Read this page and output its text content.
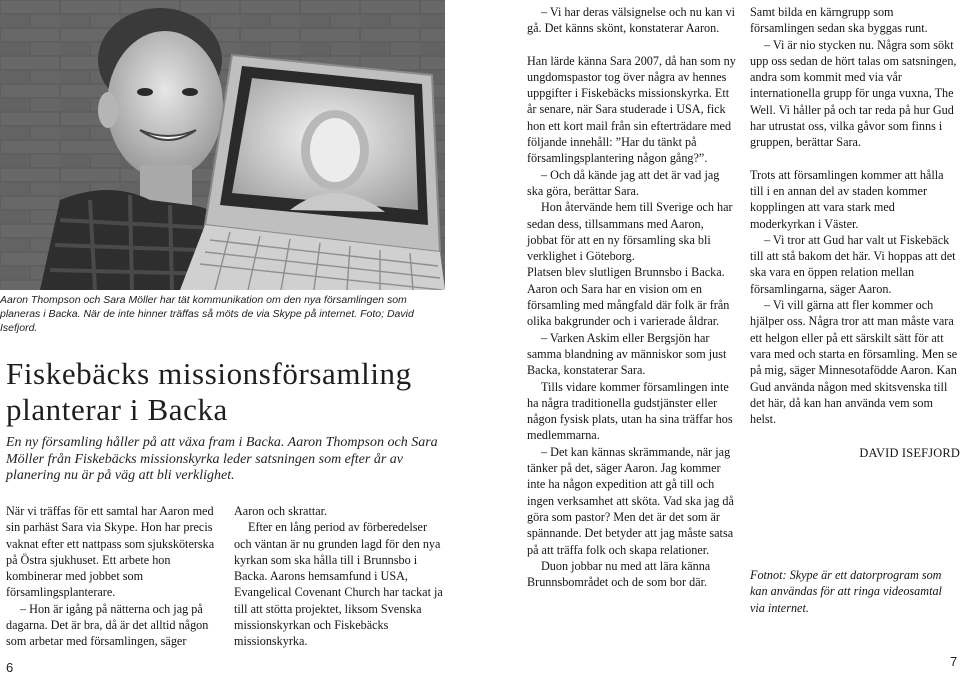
Aaron Thompson och Sara Möller har tät kommunikation om den nya församlingen som planeras i Backa. När de inte hinner träffas så möts de via Skype på internet. Foto; David Isefjord.
Fiskebäcks missionsförsamling
planterar i Backa
En ny församling håller på att växa fram i Backa. Aaron Thompson och Sara Möller från Fiskebäcks missionskyrka leder satsningen som efter år av planering nu är på väg att bli verklighet.

När vi träffas för ett samtal har Aaron med sin parhäst Sara via Skype. Hon har precis vaknat efter ett nattpass som sjuksköterska på Östra sjukhuset. Ett arbete hon kombinerar med jobbet som församlingsplanterare.

– Hon är igång på nätterna och jag på dagarna. Det är bra, då är det alltid någon som arbetar med församlingen, säger

Aaron och skrattar.

Efter en lång period av förberedelser och väntan är nu grunden lagd för den nya kyrkan som ska hålla till i Brunnsbo i Backa. Aarons hemsamfund i USA, Evangelical Covenant Church har tackat ja till att stötta projektet, liksom Svenska missionskyrkan och Fiskebäcks missionskyrka.

6

– Vi har deras välsignelse och nu kan vi gå. Det känns skönt, konstaterar Aaron.

Han lärde känna Sara 2007, då han som ny ungdomspastor tog över några av hennes uppgifter i Fiskebäcks missionskyrka. Ett år senare, när Sara studerade i USA, fick hon ett kort mail från sin efterträdare med följande innehåll: ”Har du tänkt på församlingsplantering någon gång?”.

– Och då kände jag att det är vad jag ska göra, berättar Sara.

Hon återvände hem till Sverige och har sedan dess, tillsammans med Aaron, jobbat för att en ny församling ska bli verklighet i Göteborg.

Platsen blev slutligen Brunnsbo i Backa. Aaron och Sara har en vision om en församling med mångfald där folk är från olika bakgrunder och i varierade åldrar.

– Varken Askim eller Bergsjön har samma blandning av människor som just Backa, konstaterar Sara.

Tills vidare kommer församlingen inte ha några traditionella gudstjänster eller någon fysisk plats, utan ha sina träffar hos medlemmarna.

– Det kan kännas skrämmande, när jag tänker på det, säger Aaron. Jag kommer inte ha någon expedition att gå till och ingen verksamhet att sköta. Vad ska jag då göra som pastor? Men det är det som är spännande. Det betyder att jag måste satsa på att träffa folk och skapa relationer.

Duon jobbar nu med att lära känna Brunnsbområdet och de som bor där.

Samt bilda en kärngrupp som församlingen sedan ska byggas runt.

– Vi är nio stycken nu. Några som sökt upp oss sedan de hört talas om satsningen, andra som kommit med via vår internationella grupp för unga vuxna, The Well. Vi håller på och tar reda på hur Gud har utrustat oss, vilka gåvor som finns i gruppen, berättar Sara.

Trots att församlingen kommer att hålla till i en annan del av staden kommer kopplingen att vara stark med moderkyrkan i Väster.

– Vi tror att Gud har valt ut Fiskebäck till att stå bakom det här. Vi hoppas att det ska vara en öppen relation mellan församlingarna, säger Aaron.

– Vi vill gärna att fler kommer och hjälper oss. Några tror att man måste vara ett helgon eller på ett särskilt sätt för att vara med och starta en församling. Men se på mig, säger Minnesotafödde Aaron. Kan Gud använda någon med skitsvenska till det här, då kan han använda vem som helst.

DAVID ISEFJORD

Fotnot: Skype är ett datorprogram som kan användas för att ringa videosamtal via internet.
7
